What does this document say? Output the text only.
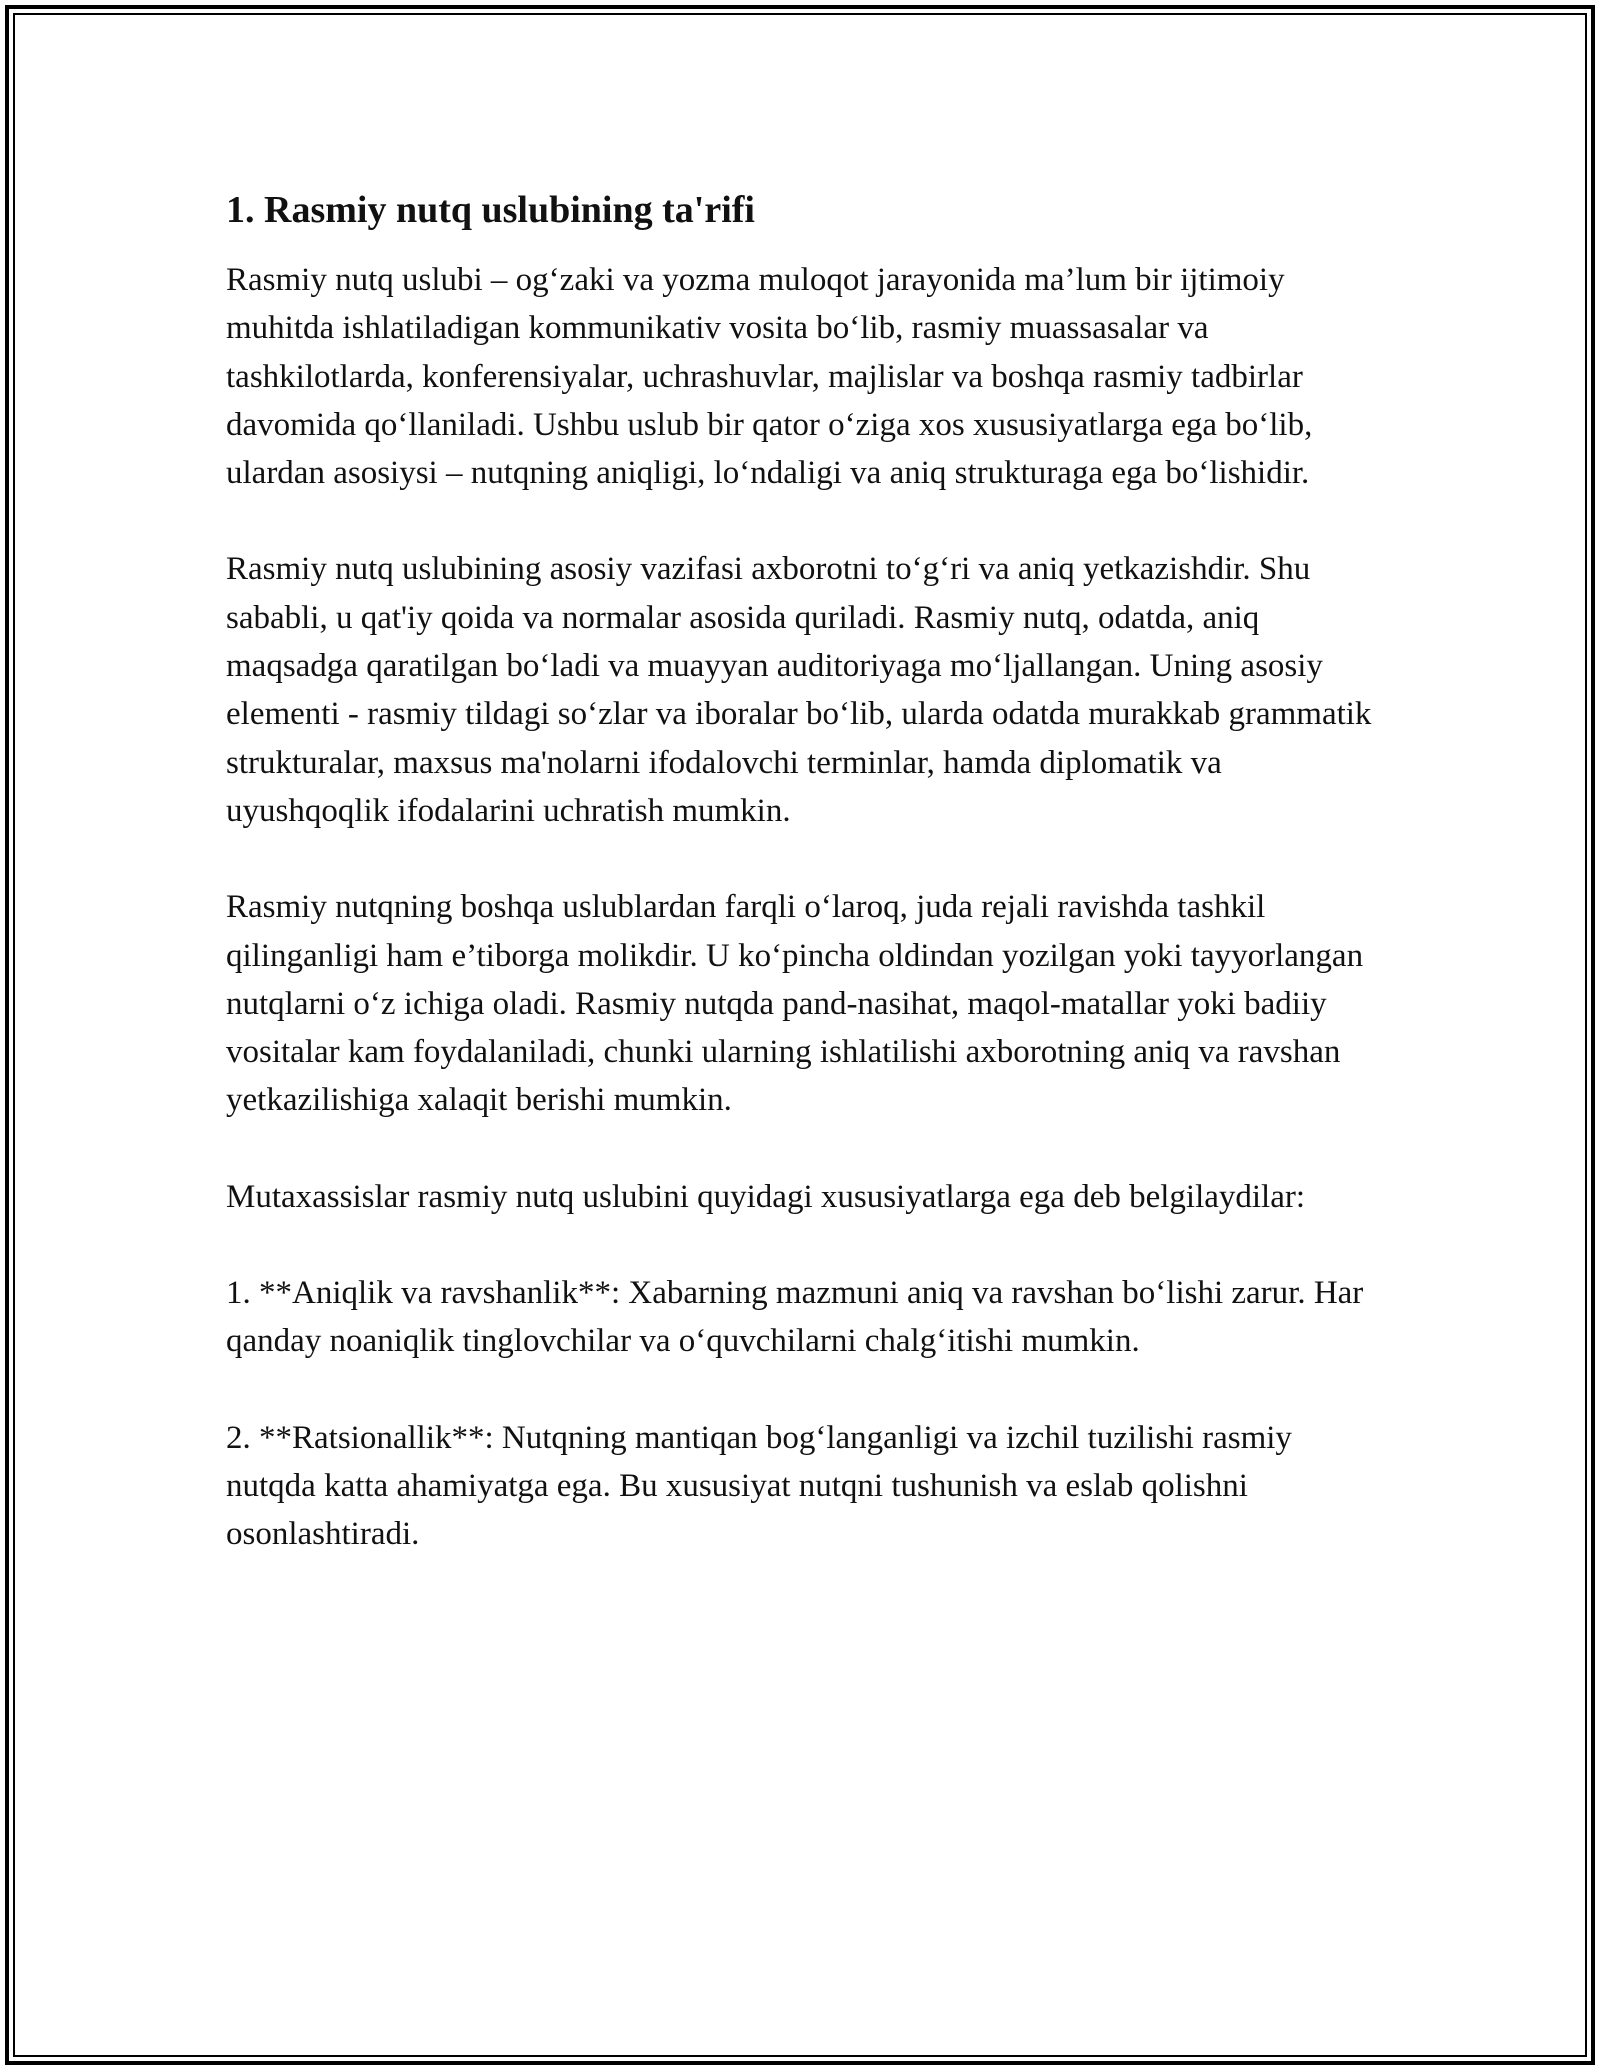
1. Rasmiy nutq uslubining ta'rifi

Rasmiy nutq uslubi – og‘zaki va yozma muloqot jarayonida ma’lum bir ijtimoiy muhitda ishlatiladigan kommunikativ vosita bo‘lib, rasmiy muassasalar va tashkilotlarda, konferensiyalar, uchrashuvlar, majlislar va boshqa rasmiy tadbirlar davomida qo‘llaniladi. Ushbu uslub bir qator o‘ziga xos xususiyatlarga ega bo‘lib, ulardan asosiysi – nutqning aniqligi, lo‘ndaligi va aniq strukturaga ega bo‘lishidir.

Rasmiy nutq uslubining asosiy vazifasi axborotni to‘g‘ri va aniq yetkazishdir. Shu sababli, u qat'iy qoida va normalar asosida quriladi. Rasmiy nutq, odatda, aniq maqsadga qaratilgan bo‘ladi va muayyan auditoriyaga mo‘ljallangan. Uning asosiy elementi - rasmiy tildagi so‘zlar va iboralar bo‘lib, ularda odatda murakkab grammatik strukturalar, maxsus ma'nolarni ifodalovchi terminlar, hamda diplomatik va uyushqoqlik ifodalarini uchratish mumkin.

Rasmiy nutqning boshqa uslublardan farqli o‘laroq, juda rejali ravishda tashkil qilinganligi ham e’tiborga molikdir. U ko‘pincha oldindan yozilgan yoki tayyorlangan nutqlarni o‘z ichiga oladi. Rasmiy nutqda pand-nasihat, maqol-matallar yoki badiiy vositalar kam foydalaniladi, chunki ularning ishlatilishi axborotning aniq va ravshan yetkazilishiga xalaqit berishi mumkin.

Mutaxassislar rasmiy nutq uslubini quyidagi xususiyatlarga ega deb belgilaydilar:

1. **Aniqlik va ravshanlik**: Xabarning mazmuni aniq va ravshan bo‘lishi zarur. Har qanday noaniqlik tinglovchilar va o‘quvchilarni chalg‘itishi mumkin.

2. **Ratsionallik**: Nutqning mantiqan bog‘langanligi va izchil tuzilishi rasmiy nutqda katta ahamiyatga ega. Bu xususiyat nutqni tushunish va eslab qolishni osonlashtiradi.
